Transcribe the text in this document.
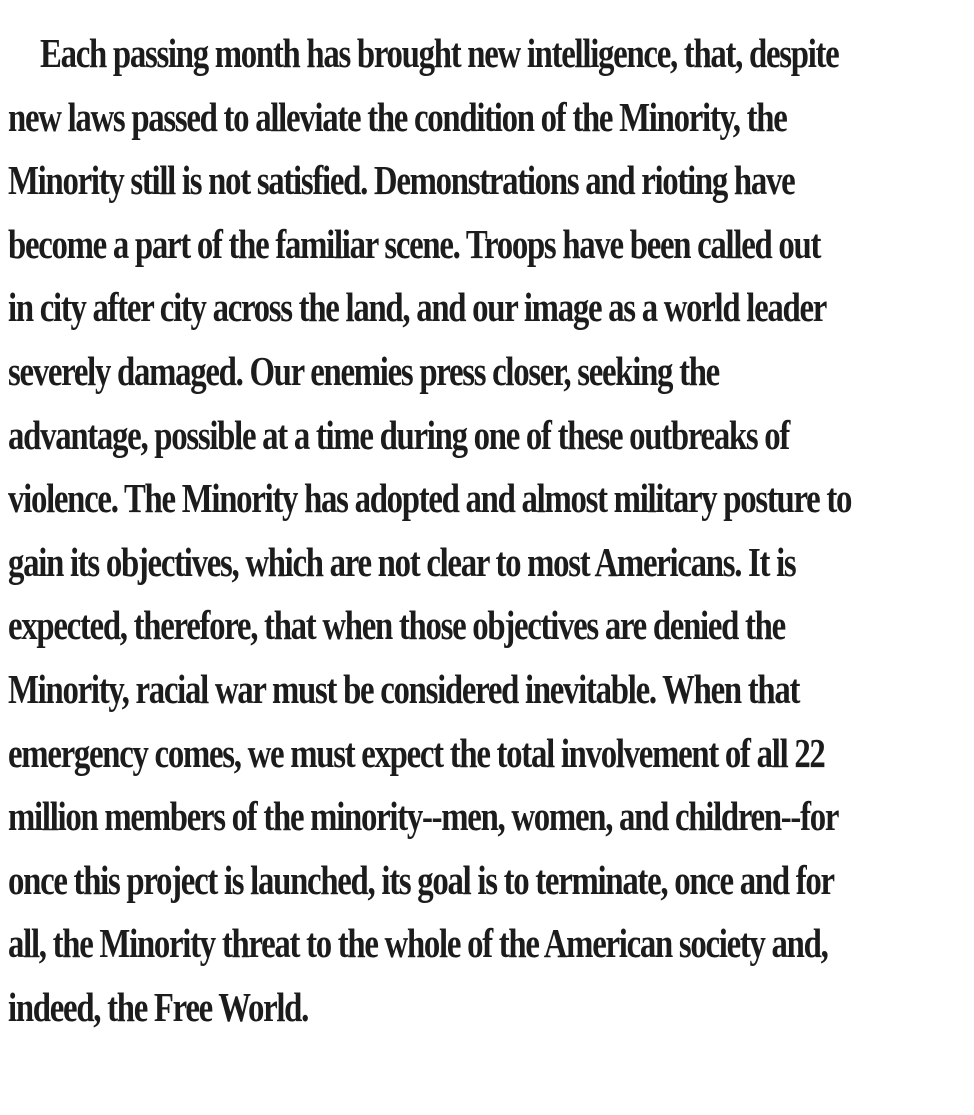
Each passing month has brought new intelligence, that, despite
new laws passed to alleviate the condition of the Minority, the
Minority still is not satisfied. Demonstrations and rioting have
become a part of the familiar scene. Troops have been called out
in city after city across the land, and our image as a world leader
severely damaged. Our enemies press closer, seeking the
advantage, possible at a time during one of these outbreaks of
violence. The Minority has adopted and almost military posture to
gain its objectives, which are not clear to most Americans. It is
expected, therefore, that when those objectives are denied the
Minority, racial war must be considered inevitable. When that
emergency comes, we must expect the total involvement of all 22
million members of the minority--men, women, and children--for
once this project is launched, its goal is to terminate, once and for
all, the Minority threat to the whole of the American society and,
indeed, the Free World.
